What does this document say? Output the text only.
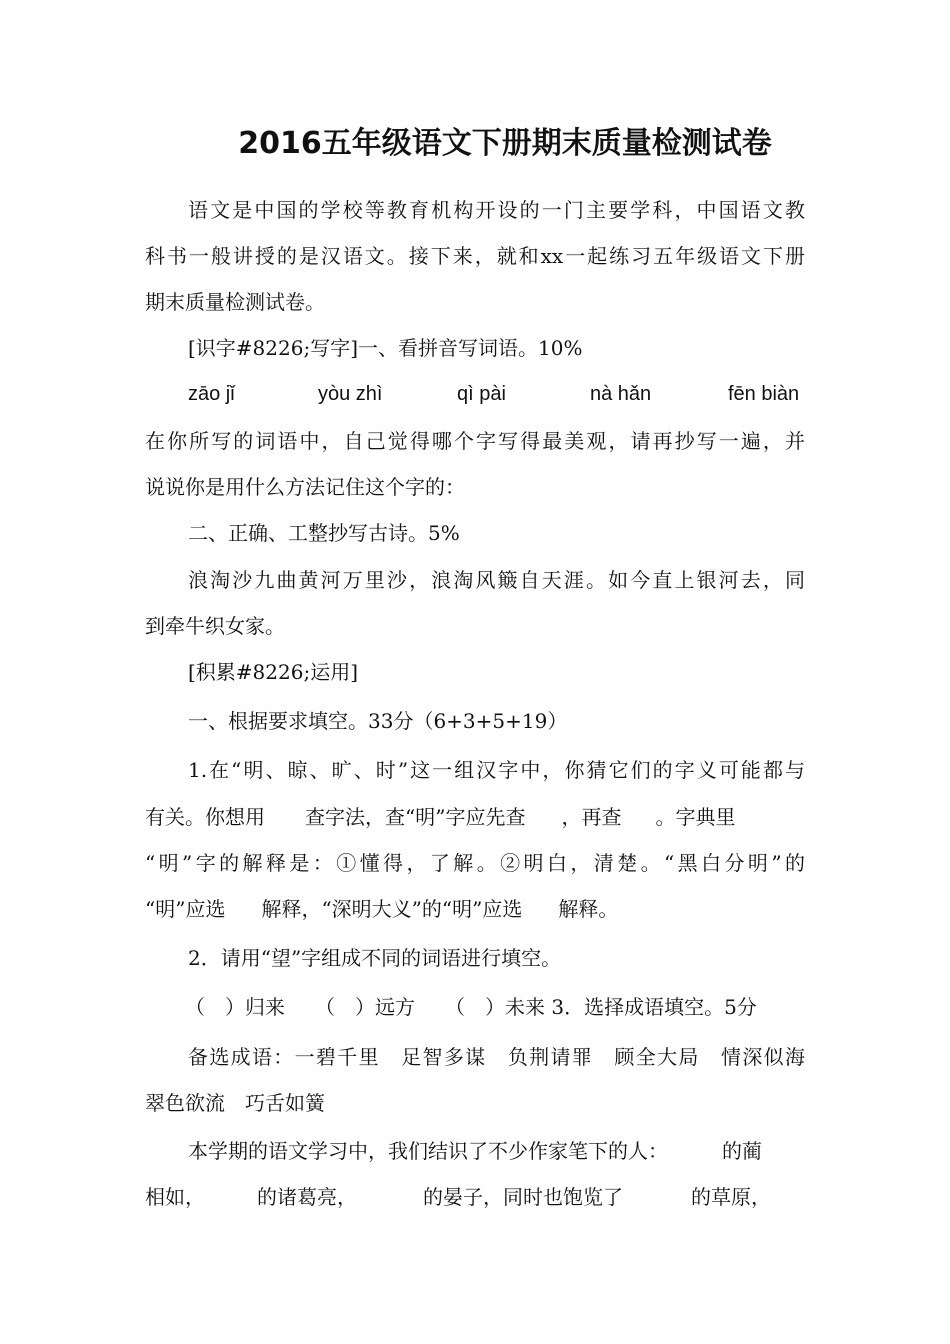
2016五年级语文下册期末质量检测试卷
语文是中国的学校等教育机构开设的一门主要学科，中国语文教
科书一般讲授的是汉语文。接下来，就和xx一起练习五年级语文下册
期末质量检测试卷。
[识字#8226;写字]一、看拼音写词语。10%
zāo jǐ	yòu zhì	qì pài	nà hǎn	fēn biàn
在你所写的词语中，自己觉得哪个字写得最美观，请再抄写一遍，并
说说你是用什么方法记住这个字的：
二、正确、工整抄写古诗。5%
浪淘沙九曲黄河万里沙，浪淘风簸自天涯。如今直上银河去，同
到牵牛织女家。
[积累#8226;运用]
一、根据要求填空。33分（6+3+5+19）
1.在“明、晾、旷、时”这一组汉字中，你猜它们的字义可能都与
有关。你想用 查字法，查“明”字应先查 ，再查 。字典里
“明”字的解释是：①懂得，了解。②明白，清楚。“黑白分明”的
“明”应选 解释，“深明大义”的“明”应选 解释。
2．请用“望”字组成不同的词语进行填空。
（　）归来 （　）远方 （　）未来 3．选择成语填空。5分
备选成语：一碧千里　足智多谋　负荆请罪　顾全大局　情深似海
翠色欲流　巧舌如簧
本学期的语文学习中，我们结识了不少作家笔下的人：	的蔺
相如，	的诸葛亮，	的晏子，同时也饱览了	的草原，
